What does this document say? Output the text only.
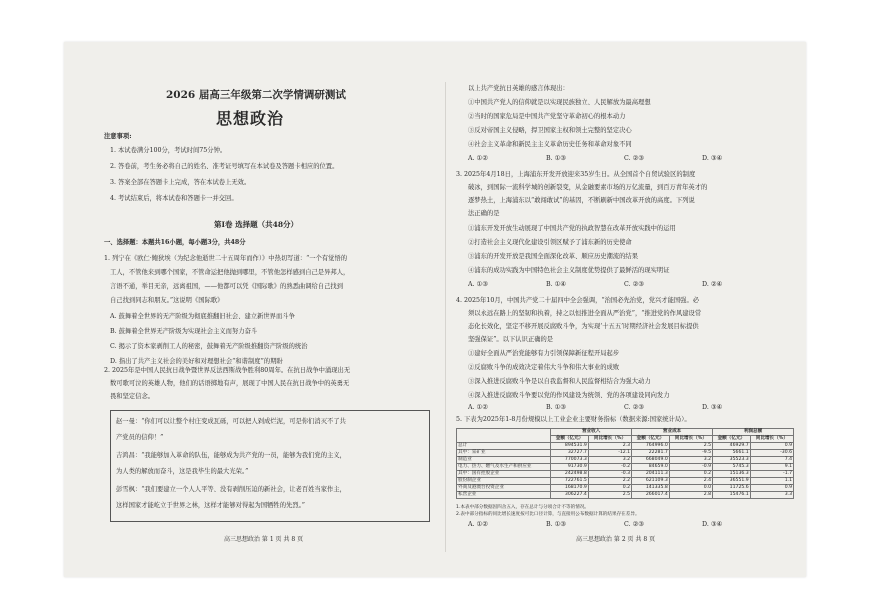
2026 届高三年级第二次学情调研测试
思想政治
注意事项:
1. 本试卷满分100分，考试时间75分钟。
2. 答卷前，考生务必将自己的姓名、准考证号填写在本试卷及答题卡相应的位置。
3. 答案全部在答题卡上完成，答在本试卷上无效。
4. 考试结束后，将本试卷和答题卡一并交回。
第Ⅰ卷 选择题（共48分）
一、选择题：本题共16小题，每小题3分，共48分
1. 列宁在《欧仁·鲍狄埃（为纪念他逝世二十五周年而作）》中热切写道：“一个有觉悟的
工人，不管他来到哪个国家，不管命运把他抛到哪里，不管他怎样感到自己是异邦人，
言语不通，举目无亲，远离祖国，——他都可以凭《国际歌》的熟悉曲调给自己找到
自己找到同志和朋友。”这说明《国际歌》
A. 鼓舞着全世界的无产阶级为彻底推翻旧社会、建立新世界而斗争
B. 鼓舞着全世界无产阶级为实现社会主义而努力奋斗
C. 揭示了资本家剥削工人的秘密，鼓舞着无产阶级推翻资产阶级的统治
D. 指出了共产主义社会的美好和对理想社会“和谐制度”的期盼
2. 2025年是中国人民抗日战争暨世界反法西斯战争胜利80周年。在抗日战争中涌现出无
数可歌可泣的英雄人物，他们的话语掷地有声，展现了中国人民在抗日战争中的英勇无
畏和坚定信念。
赵一曼：“你们可以让整个村庄变成瓦砾，可以把人剁成烂泥，可是你们消灭不了共
产党员的信仰！”
吉鸿昌：“我能够加入革命的队伍，能够成为共产党的一员，能够为我们党的主义，
为人类的解放而奋斗，这是我毕生的最大光荣。”
彭雪枫：“我们要建立一个人人平等、没有剥削压迫的新社会，让老百姓当家作主，
这样国家才能屹立于世界之林，这样才能够对得起为国牺牲的先烈。”
高三思想政治 第 1 页 共 8 页
以上共产党抗日英雄的感言体现出：
①中国共产党人的信仰就是以实现民族独立、人民解放为最高理想
②当时的国家危局是中国共产党坚守革命初心的根本动力
③反对帝国主义侵略，捍卫国家主权和领土完整的坚定决心
④社会主义革命和新民主主义革命历史任务和革命对象不同
A. ①②	B. ①③	C. ②③	D. ③④
3. 2025年4月18日，上海浦东开发开放迎来35岁生日。从全国首个自贸试验区的制度
破冰，到国际一流科学城的创新裂变，从金融要素市场的万亿流量，到百万青年英才的
逐梦热土，上海浦东以“敢闯敢试”的基因，不断刷新中国改革开放的高度。下列说
法正确的是
①浦东开发开放生动展现了中国共产党的执政智慧在改革开放实践中的运用
②打造社会主义现代化建设引领区赋予了浦东新的历史使命
③浦东的开发开放是我国全面深化改革、顺应历史潮流的结果
④浦东的成功实践为中国特色社会主义制度优势提供了最鲜活的现实明证
A. ①③	B. ①④	C. ②③	D. ②④
4. 2025年10月，中国共产党二十届四中全会强调，“治国必先治党，党兴才能国强。必
须以永远在路上的坚韧和执着，持之以恒推进全面从严治党”，“推进党的作风建设常
态化长效化，坚定不移开展反腐败斗争，为实现‘十五五’时期经济社会发展目标提供
坚强保证”。以下认识正确的是
①建好全面从严治党能够有力引领保障新征程开局起步
②反腐败斗争的成效决定着伟大斗争和伟大事业的成败
③深入推进反腐败斗争是以自我监督和人民监督相结合为强大动力
④深入推进反腐败斗争要以党的作风建设为统领、党的各项建设同向发力
A. ①②	B. ①③	C. ②③	D. ③④
5. 下表为2025年1-8月份规模以上工业企业主要财务指标（数据来源:国家统计局）。
	营业收入		营业成本		利润总额	
	金额（亿元）	同比增长（%）	金额（亿元）	同比增长（%）	金额（亿元）	同比增长（%）
总计	894531.9	2.3	764996.0	2.5	46929.7	0.9
其中：采矿业	32727.7	-12.1	22281.7	-9.5	5661.1	-30.6
制造业	770073.3	3.2	668049.0	3.2	35523.3	7.4
电力、热力、燃气及水生产和供应业	91730.9	-0.2	84659.0	-0.9	5745.3	9.1
其中：国有控股企业	242498.8	-0.3	204111.3	0.2	15136.3	-1.7
股份制企业	722761.5	2.2	621109.3	2.4	36551.9	1.1
外商及港澳台投资企业	168170.9	0.2	141335.8	0.0	11725.6	0.9
私营企业	306227.4	2.5	266017.4	2.8	15476.1	3.3
1.本表中部分数据因四舍五入，存在总计与分项合计不等的情况。
2.表中部分指标的同比增长速度按可比口径计算，与直接用公布数据计算的结果存在差异。
A. ①②	B. ①③	C. ②③	D. ③④
高三思想政治 第 2 页 共 8 页
